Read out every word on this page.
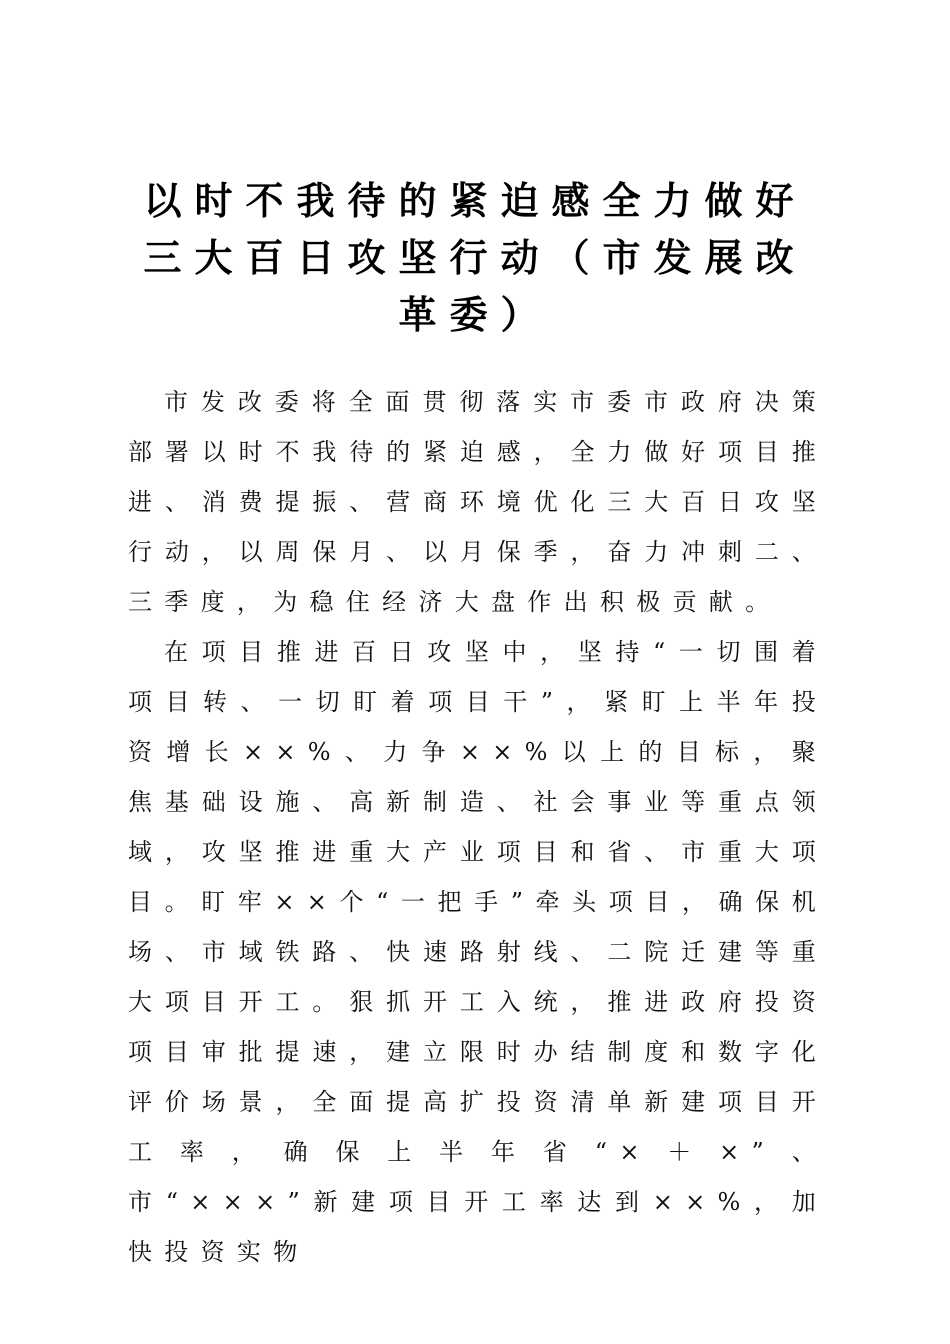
以时不我待的紧迫感全力做好三大百日攻坚行动（市发展改革委）

市发改委将全面贯彻落实市委市政府决策部署以时不我待的紧迫感，全力做好项目推进、消费提振、营商环境优化三大百日攻坚行动，以周保月、以月保季，奋力冲刺二、三季度，为稳住经济大盘作出积极贡献。

在项目推进百日攻坚中，坚持“一切围着项目转、一切盯着项目干”，紧盯上半年投资增长××%、力争××%以上的目标，聚焦基础设施、高新制造、社会事业等重点领域，攻坚推进重大产业项目和省、市重大项目。盯牢××个“一把手”牵头项目，确保机场、市域铁路、快速路射线、二院迁建等重大项目开工。狠抓开工入统，推进政府投资项目审批提速，建立限时办结制度和数字化评价场景，全面提高扩投资清单新建项目开工率，确保上半年省“×＋×”、市“×××”新建项目开工率达到××%，加快投资实物
